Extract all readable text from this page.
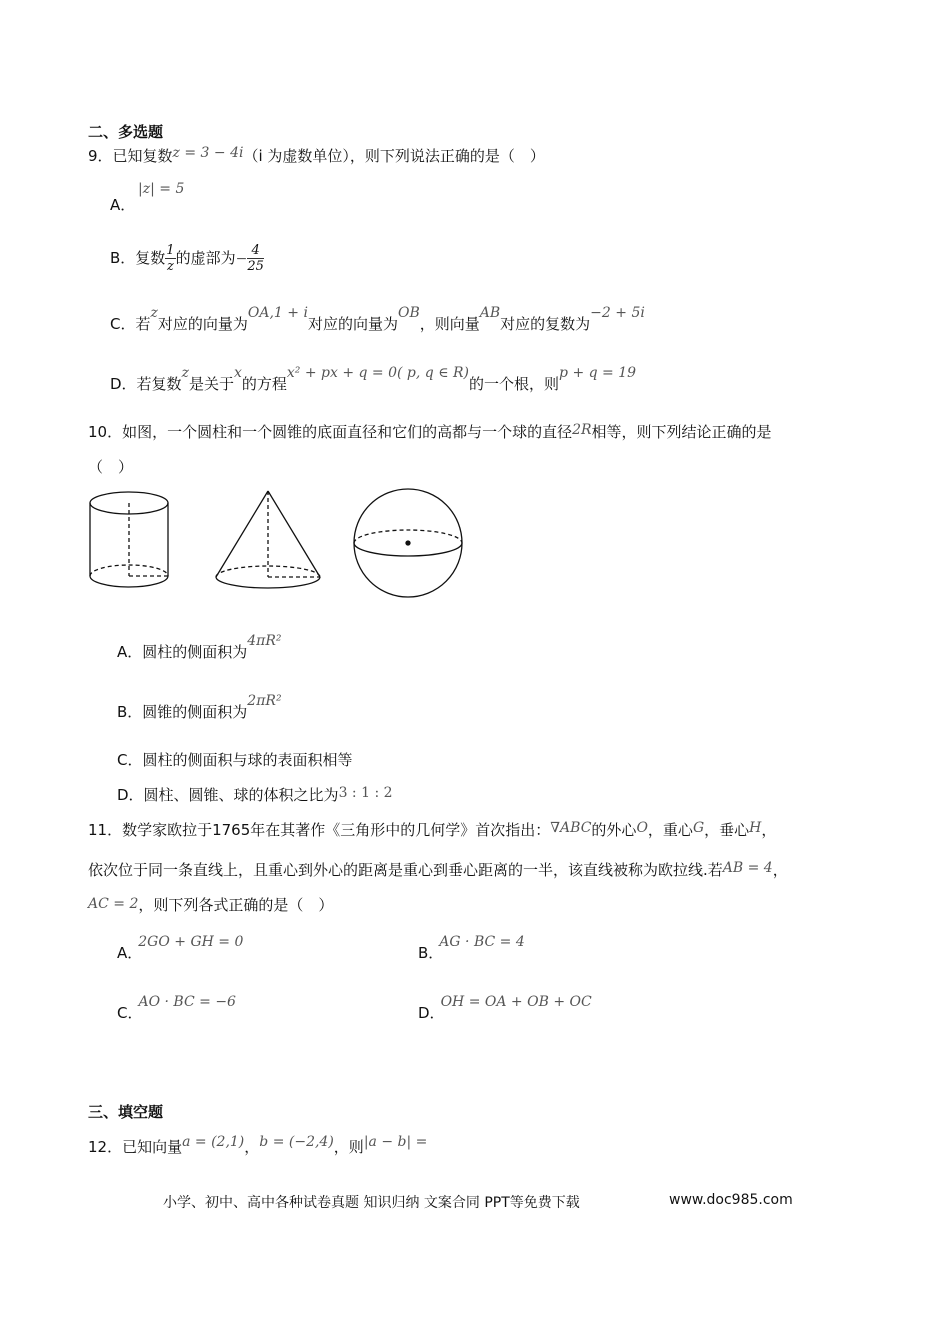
二、多选题
9．已知复数z = 3 − 4i（i 为虚数单位），则下列说法正确的是（　）
A．
|z| = 5
B．复数 $\frac{1}{z}$ 的虚部为− $\frac{4}{25}$
C．若z对应的向量为OA,1 + i对应的向量为OB，则向量AB对应的复数为−2 + 5i
D．若复数z是关于x的方程x² + px + q = 0( p, q ∈ R)的一个根，则p + q = 19
10．如图，一个圆柱和一个圆锥的底面直径和它们的高都与一个球的直径2R相等，则下列结论正确的是
（　）
A．圆柱的侧面积为4πR²
B．圆锥的侧面积为2πR²
C．圆柱的侧面积与球的表面积相等
D．圆柱、圆锥、球的体积之比为3 : 1 : 2
11．数学家欧拉于1765年在其著作《三角形中的几何学》首次指出：∇ABC的外心O，重心G，垂心H，
依次位于同一条直线上，且重心到外心的距离是重心到垂心距离的一半，该直线被称为欧拉线.若AB = 4，
AC = 2，则下列各式正确的是（　）
A．2GO + GH = 0
B．AG · BC = 4
C．AO · BC = −6
D．OH = OA + OB + OC
三、填空题
12．已知向量a = (2,1)，b = (−2,4)，则|a − b| =
小学、初中、高中各种试卷真题 知识归纳 文案合同 PPT等免费下载	www.doc985.com
